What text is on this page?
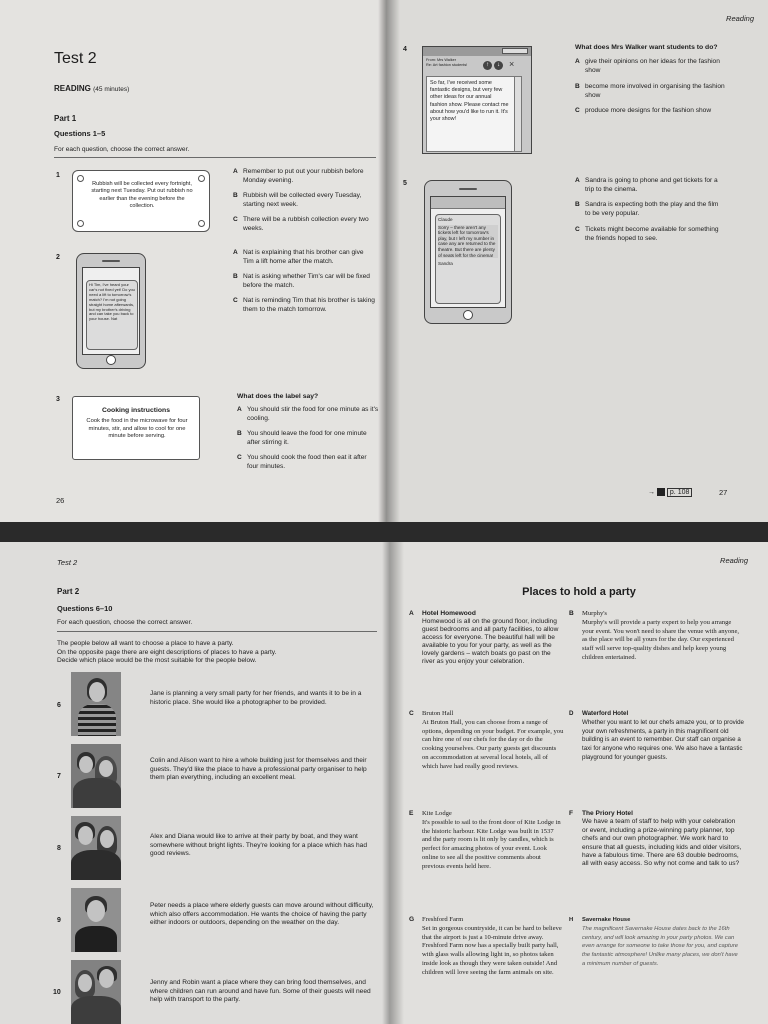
Test 2
READING (45 minutes)
Part 1
Questions 1–5
For each question, choose the correct answer.
1
Rubbish will be collected every fortnight, starting next Tuesday. Put out rubbish no earlier than the evening before the collection.
A Remember to put out your rubbish before Monday evening.
B Rubbish will be collected every Tuesday, starting next week.
C There will be a rubbish collection every two weeks.
2
Hi Tim, I've heard your car's not fixed yet! Do you need a lift to tomorrow's match? I'm not going straight home afterwards, but my brother's driving and can take you back to your house. Nat
A Nat is explaining that his brother can give Tim a lift home after the match.
B Nat is asking whether Tim's car will be fixed before the match.
C Nat is reminding Tim that his brother is taking them to the match tomorrow.
3
Cooking instructions
Cook the food in the microwave for four minutes, stir, and allow to cool for one minute before serving.
What does the label say?
A You should stir the food for one minute as it's cooling.
B You should leave the food for one minute after stirring it.
C You should cook the food then eat it after four minutes.
26
Reading
4
From: Mrs Walker
Re: Art fashion students!	↑	↓	×
So far, I've received some fantastic designs, but very few other ideas for our annual fashion show. Please contact me about how you'd like to run it. It's your show!
What does Mrs Walker want students to do?
A give their opinions on her ideas for the fashion show
B become more involved in organising the fashion show
C produce more designs for the fashion show
5
Claude
Sorry – there aren't any tickets left for tomorrow's play, but I left my number in case any are returned to the theatre. But there are plenty of seats left for the cinema!
Sandra
A Sandra is going to phone and get tickets for a trip to the cinema.
B Sandra is expecting both the play and the film to be very popular.
C Tickets might become available for something the friends hoped to see.
→ p. 108	27
Test 2
Part 2
Questions 6–10
For each question, choose the correct answer.
The people below all want to choose a place to have a party.
On the opposite page there are eight descriptions of places to have a party.
Decide which place would be the most suitable for the people below.
6
Jane is planning a very small party for her friends, and wants it to be in a historic place. She would like a photographer to be provided.
7
Colin and Alison want to hire a whole building just for themselves and their guests. They'd like the place to have a professional party organiser to help them plan everything, including an excellent meal.
8
Alex and Diana would like to arrive at their party by boat, and they want somewhere without bright lights. They're looking for a place which has had good reviews.
9
Peter needs a place where elderly guests can move around without difficulty, which also offers accommodation. He wants the choice of having the party either indoors or outdoors, depending on the weather on the day.
10
Jenny and Robin want a place where they can bring food themselves, and where children can run around and have fun. Some of their guests will need help with transport to the party.
Reading
Places to hold a party
A Hotel Homewood
Homewood is all on the ground floor, including guest bedrooms and all party facilities, to allow access for everyone. The beautiful hall will be available to you for your party, as well as the lovely gardens – watch boats go past on the river as you enjoy your celebration.
B Murphy's
Murphy's will provide a party expert to help you arrange your event. You won't need to share the venue with anyone, as the place will be all yours for the day. Our experienced staff will serve top-quality dishes and help keep young children entertained.
C Bruton Hall
At Bruton Hall, you can choose from a range of options, depending on your budget. For example, you can hire one of our chefs for the day or do the cooking yourselves. Our party guests get discounts on accommodation at several local hotels, all of which have had really good reviews.
D Waterford Hotel
Whether you want to let our chefs amaze you, or to provide your own refreshments, a party in this magnificent old building is an event to remember. Our staff can organise a taxi for anyone who requires one. We also have a fantastic playground for younger guests.
E Kite Lodge
It's possible to sail to the front door of Kite Lodge in the historic harbour. Kite Lodge was built in 1537 and the party room is lit only by candles, which is perfect for amazing photos of your event. Look online to see all the positive comments about previous events held here.
F The Priory Hotel
We have a team of staff to help with your celebration or event, including a prize-winning party planner, top chefs and our own photographer. We work hard to ensure that all guests, including kids and older visitors, have a fabulous time. There are 63 double bedrooms, all with easy access. So why not come and talk to us?
G Freshford Farm
Set in gorgeous countryside, it can be hard to believe that the airport is just a 10-minute drive away. Freshford Farm now has a specially built party hall, with glass walls allowing light in, so photos taken inside look as though they were taken outside! And children will love seeing the farm animals on site.
H Savernake House
The magnificent Savernake House dates back to the 16th century, and will look amazing in your party photos. We can even arrange for someone to take those for you, and capture the fantastic atmosphere! Unlike many places, we don't have a minimum number of guests.
